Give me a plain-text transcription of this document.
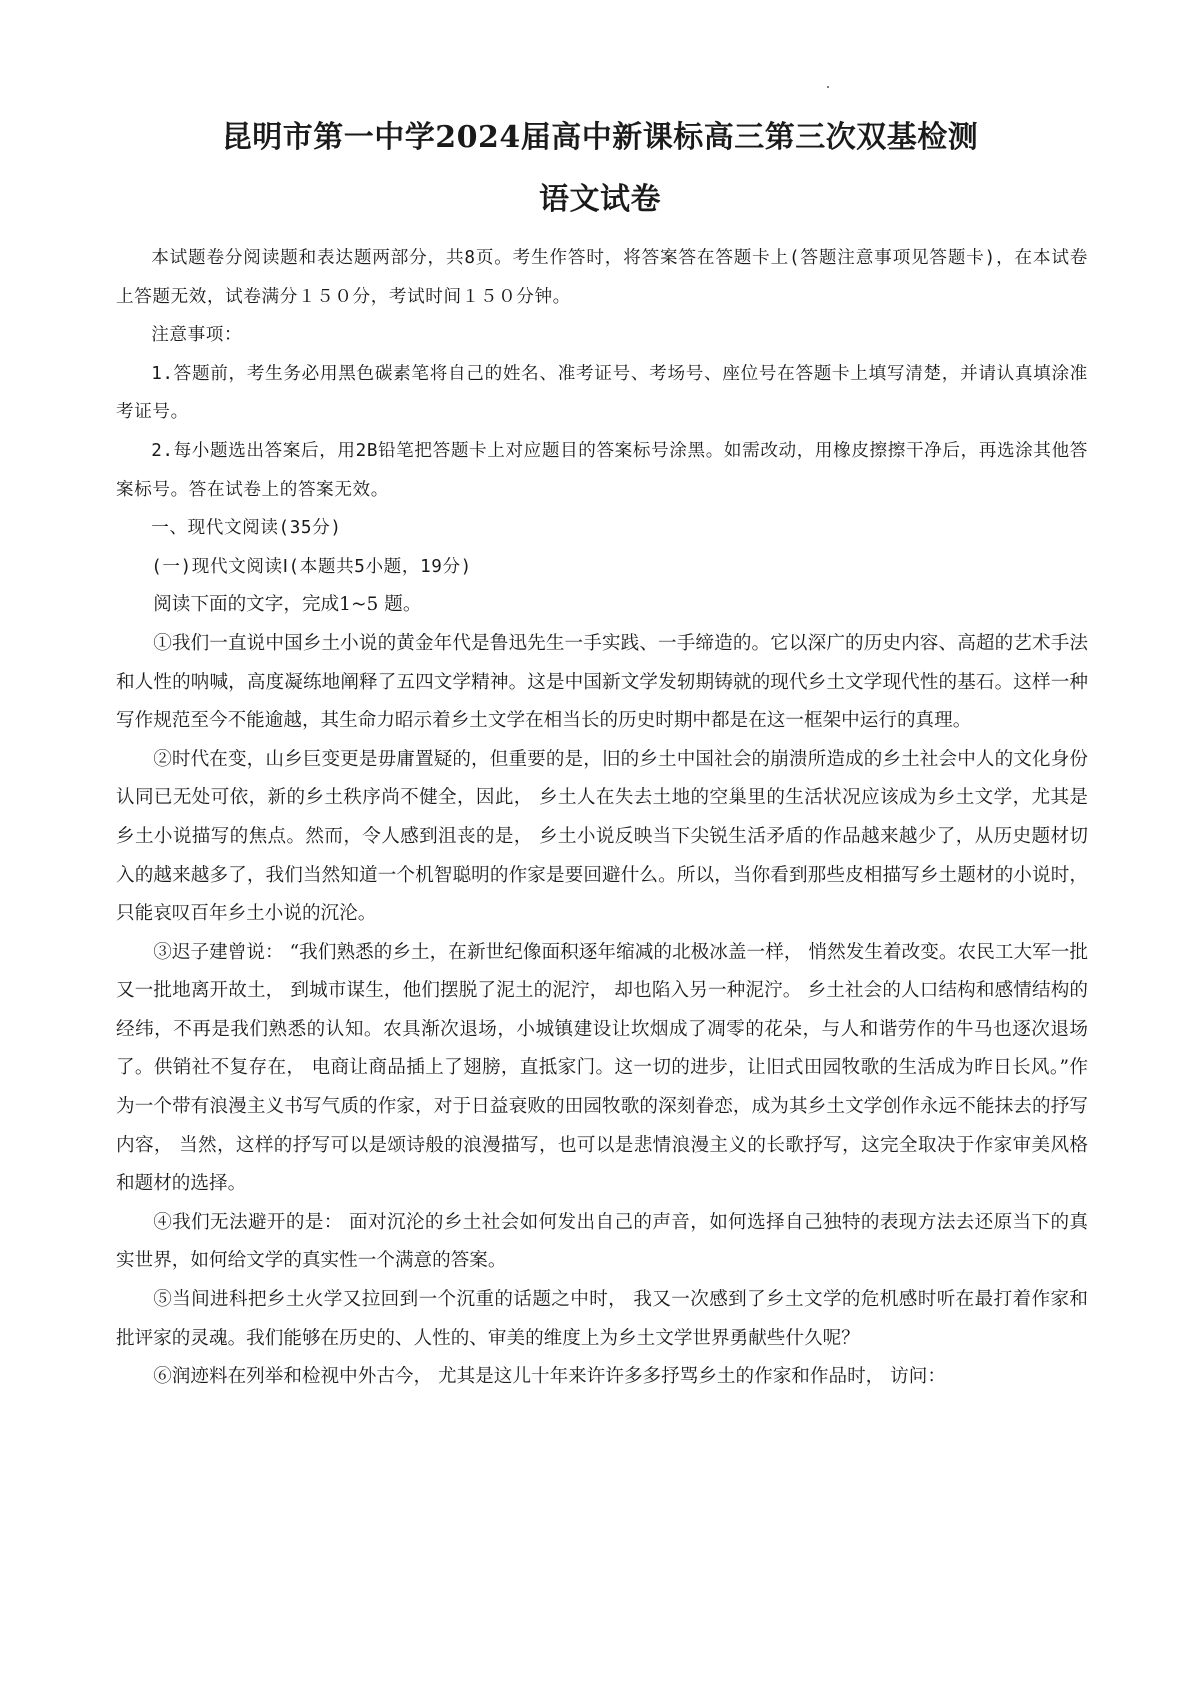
昆明市第一中学2024届高中新课标高三第三次双基检测
语文试卷

本试题卷分阅读题和表达题两部分，共8页。考生作答时，将答案答在答题卡上(答题注意事项见答题卡)，在本试卷上答题无效，试卷满分１５０分，考试时间１５０分钟。

注意事项：

1.答题前，考生务必用黑色碳素笔将自己的姓名、准考证号、考场号、座位号在答题卡上填写清楚，并请认真填涂准考证号。

2.每小题选出答案后，用2B铅笔把答题卡上对应题目的答案标号涂黑。如需改动，用橡皮擦擦干净后，再选涂其他答案标号。答在试卷上的答案无效。

一、现代文阅读(35分)

(一)现代文阅读Ⅰ(本题共5小题，19分)

阅读下面的文字，完成1~5 题。

①我们一直说中国乡土小说的黄金年代是鲁迅先生一手实践、一手缔造的。它以深广的历史内容、高超的艺术手法和人性的呐喊，高度凝练地阐释了五四文学精神。这是中国新文学发轫期铸就的现代乡土文学现代性的基石。这样一种写作规范至今不能逾越，其生命力昭示着乡土文学在相当长的历史时期中都是在这一框架中运行的真理。

②时代在变，山乡巨变更是毋庸置疑的，但重要的是，旧的乡土中国社会的崩溃所造成的乡土社会中人的文化身份认同已无处可依，新的乡土秩序尚不健全，因此， 乡土人在失去土地的空巢里的生活状况应该成为乡土文学，尤其是乡土小说描写的焦点。然而，令人感到沮丧的是， 乡土小说反映当下尖锐生活矛盾的作品越来越少了，从历史题材切入的越来越多了，我们当然知道一个机智聪明的作家是要回避什么。所以，当你看到那些皮相描写乡土题材的小说时，只能哀叹百年乡土小说的沉沦。

③迟子建曾说： “我们熟悉的乡土，在新世纪像面积逐年缩减的北极冰盖一样， 悄然发生着改变。农民工大军一批又一批地离开故土， 到城市谋生，他们摆脱了泥土的泥泞， 却也陷入另一种泥泞。 乡土社会的人口结构和感情结构的经纬，不再是我们熟悉的认知。农具渐次退场，小城镇建设让坎烟成了凋零的花朵，与人和谐劳作的牛马也逐次退场了。供销社不复存在， 电商让商品插上了翅膀，直抵家门。这一切的进步，让旧式田园牧歌的生活成为昨日长风。”作为一个带有浪漫主义书写气质的作家，对于日益衰败的田园牧歌的深刻眷恋，成为其乡土文学创作永远不能抹去的抒写内容， 当然，这样的抒写可以是颂诗般的浪漫描写，也可以是悲情浪漫主义的长歌抒写，这完全取决于作家审美风格和题材的选择。

④我们无法避开的是： 面对沉沦的乡土社会如何发出自己的声音，如何选择自己独特的表现方法去还原当下的真实世界，如何给文学的真实性一个满意的答案。

⑤当间进科把乡土火学又拉回到一个沉重的话题之中时， 我又一次感到了乡土文学的危机感时听在最打着作家和批评家的灵魂。我们能够在历史的、人性的、审美的维度上为乡土文学世界勇献些什久呢？

⑥润迹料在列举和检视中外古今， 尤其是这儿十年来许许多多抒骂乡土的作家和作品时， 访问：
